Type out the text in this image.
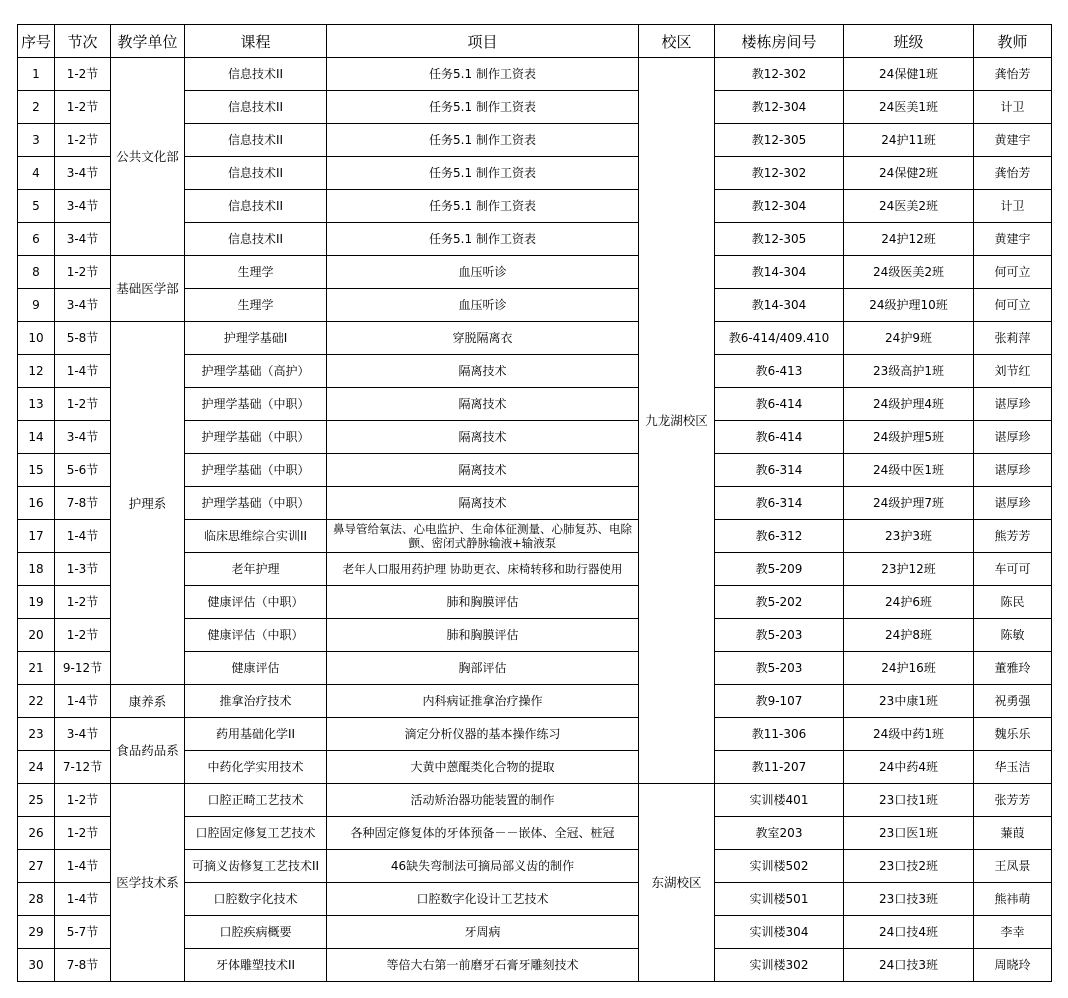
序号	节次	教学单位	课程	项目	校区	楼栋房间号	班级	教师
1	1-2节	公共文化部	信息技术II	任务5.1 制作工资表	九龙湖校区	教12-302	24保健1班	龚怡芳
2	1-2节		信息技术II	任务5.1 制作工资表		教12-304	24医美1班	计卫
3	1-2节		信息技术II	任务5.1 制作工资表		教12-305	24护11班	黄建宇
4	3-4节		信息技术II	任务5.1 制作工资表		教12-302	24保健2班	龚怡芳
5	3-4节		信息技术II	任务5.1 制作工资表		教12-304	24医美2班	计卫
6	3-4节		信息技术II	任务5.1 制作工资表		教12-305	24护12班	黄建宇
8	1-2节	基础医学部	生理学	血压听诊		教14-304	24级医美2班	何可立
9	3-4节		生理学	血压听诊		教14-304	24级护理10班	何可立
10	5-8节	护理系	护理学基础I	穿脱隔离衣		教6-414/409.410	24护9班	张莉萍
12	1-4节		护理学基础（高护）	隔离技术		教6-413	23级高护1班	刘节红
13	1-2节		护理学基础（中职）	隔离技术		教6-414	24级护理4班	谌厚珍
14	3-4节		护理学基础（中职）	隔离技术		教6-414	24级护理5班	谌厚珍
15	5-6节		护理学基础（中职）	隔离技术		教6-314	24级中医1班	谌厚珍
16	7-8节		护理学基础（中职）	隔离技术		教6-314	24级护理7班	谌厚珍
17	1-4节		临床思维综合实训II	鼻导管给氧法、心电监护、生命体征测量、心肺复苏、电除颤、密闭式静脉输液+输液泵		教6-312	23护3班	熊芳芳
18	1-3节		老年护理	老年人口服用药护理 协助更衣、床椅转移和助行器使用		教5-209	23护12班	车可可
19	1-2节		健康评估（中职）	肺和胸膜评估		教5-202	24护6班	陈民
20	1-2节		健康评估（中职）	肺和胸膜评估		教5-203	24护8班	陈敏
21	9-12节		健康评估	胸部评估		教5-203	24护16班	董雅玲
22	1-4节	康养系	推拿治疗技术	内科病证推拿治疗操作		教9-107	23中康1班	祝勇强
23	3-4节	食品药品系	药用基础化学II	滴定分析仪器的基本操作练习		教11-306	24级中药1班	魏乐乐
24	7-12节		中药化学实用技术	大黄中蒽醌类化合物的提取		教11-207	24中药4班	华玉洁
25	1-2节	医学技术系	口腔正畸工艺技术	活动矫治器功能装置的制作	东湖校区	实训楼401	23口技1班	张芳芳
26	1-2节		口腔固定修复工艺技术	各种固定修复体的牙体预备－－嵌体、全冠、桩冠		教室203	23口医1班	蒹葭
27	1-4节		可摘义齿修复工艺技术II	46缺失弯制法可摘局部义齿的制作		实训楼502	23口技2班	王凤景
28	1-4节		口腔数字化技术	口腔数字化设计工艺技术		实训楼501	23口技3班	熊祎萌
29	5-7节		口腔疾病概要	牙周病		实训楼304	24口技4班	李幸
30	7-8节		牙体雕塑技术II	等倍大右第一前磨牙石膏牙雕刻技术		实训楼302	24口技3班	周晓玲
